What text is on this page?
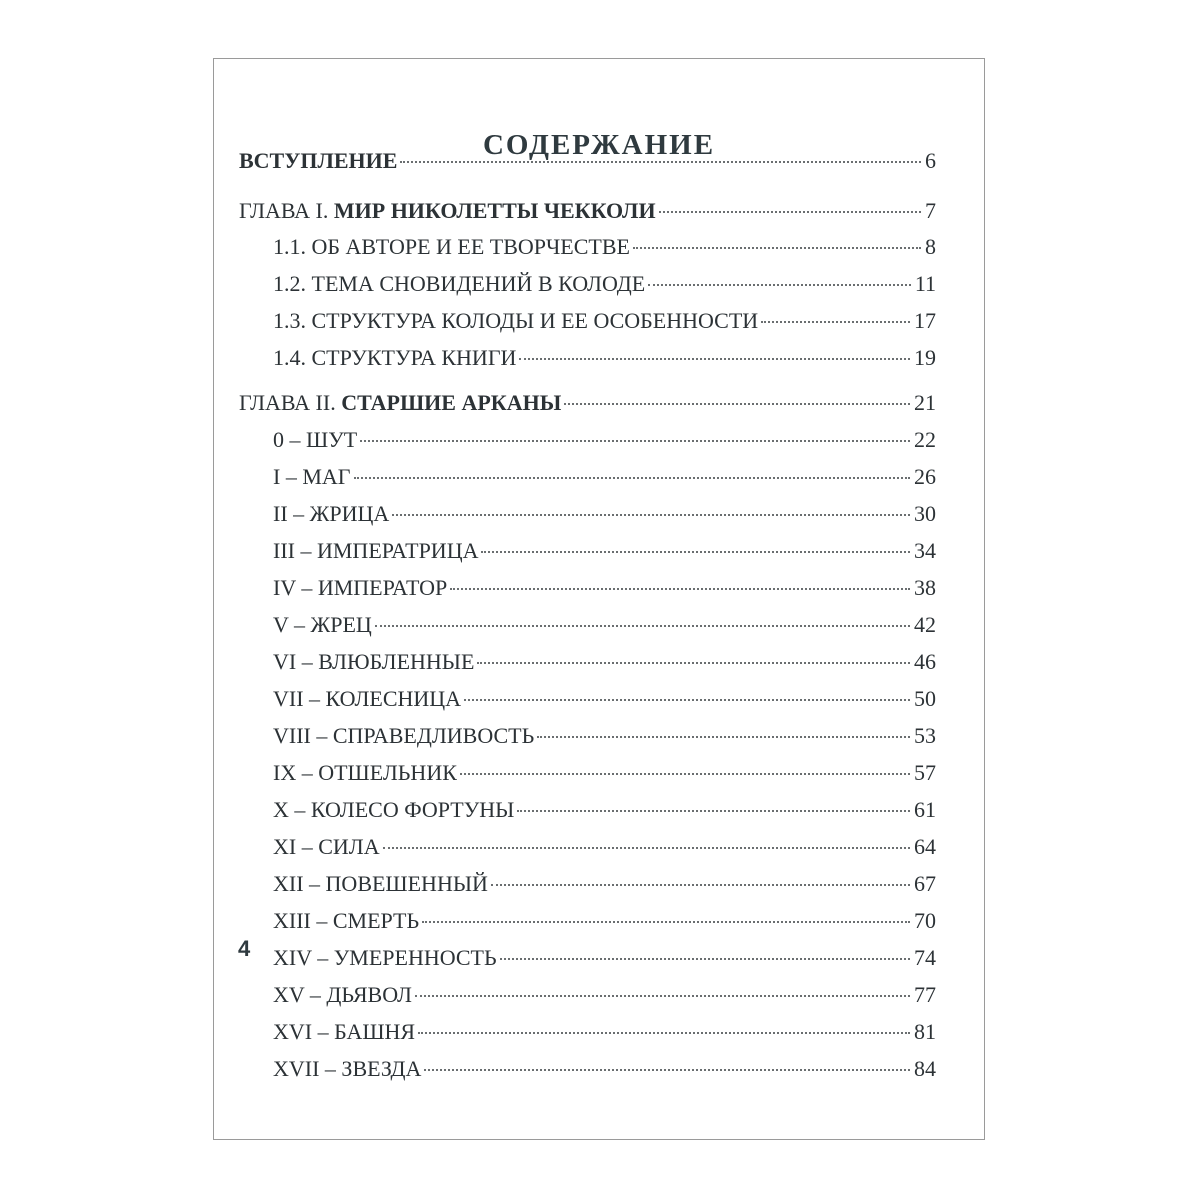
СОДЕРЖАНИЕ
ВСТУПЛЕНИЕ	6
ГЛАВА I. МИР НИКОЛЕТТЫ ЧЕККОЛИ	7
1.1. ОБ АВТОРЕ И ЕЕ ТВОРЧЕСТВЕ	8
1.2. ТЕМА СНОВИДЕНИЙ В КОЛОДЕ	11
1.3. СТРУКТУРА КОЛОДЫ И ЕЕ ОСОБЕННОСТИ	17
1.4. СТРУКТУРА КНИГИ	19
ГЛАВА II. СТАРШИЕ АРКАНЫ	21
0 – ШУТ	22
I – МАГ	26
II – ЖРИЦА	30
III – ИМПЕРАТРИЦА	34
IV – ИМПЕРАТОР	38
V – ЖРЕЦ	42
VI – ВЛЮБЛЕННЫЕ	46
VII – КОЛЕСНИЦА	50
VIII – СПРАВЕДЛИВОСТЬ	53
IX – ОТШЕЛЬНИК	57
X – КОЛЕСО ФОРТУНЫ	61
XI – СИЛА	64
XII – ПОВЕШЕННЫЙ	67
XIII – СМЕРТЬ	70
XIV – УМЕРЕННОСТЬ	74
XV – ДЬЯВОЛ	77
XVI – БАШНЯ	81
XVII – ЗВЕЗДА	84
4
